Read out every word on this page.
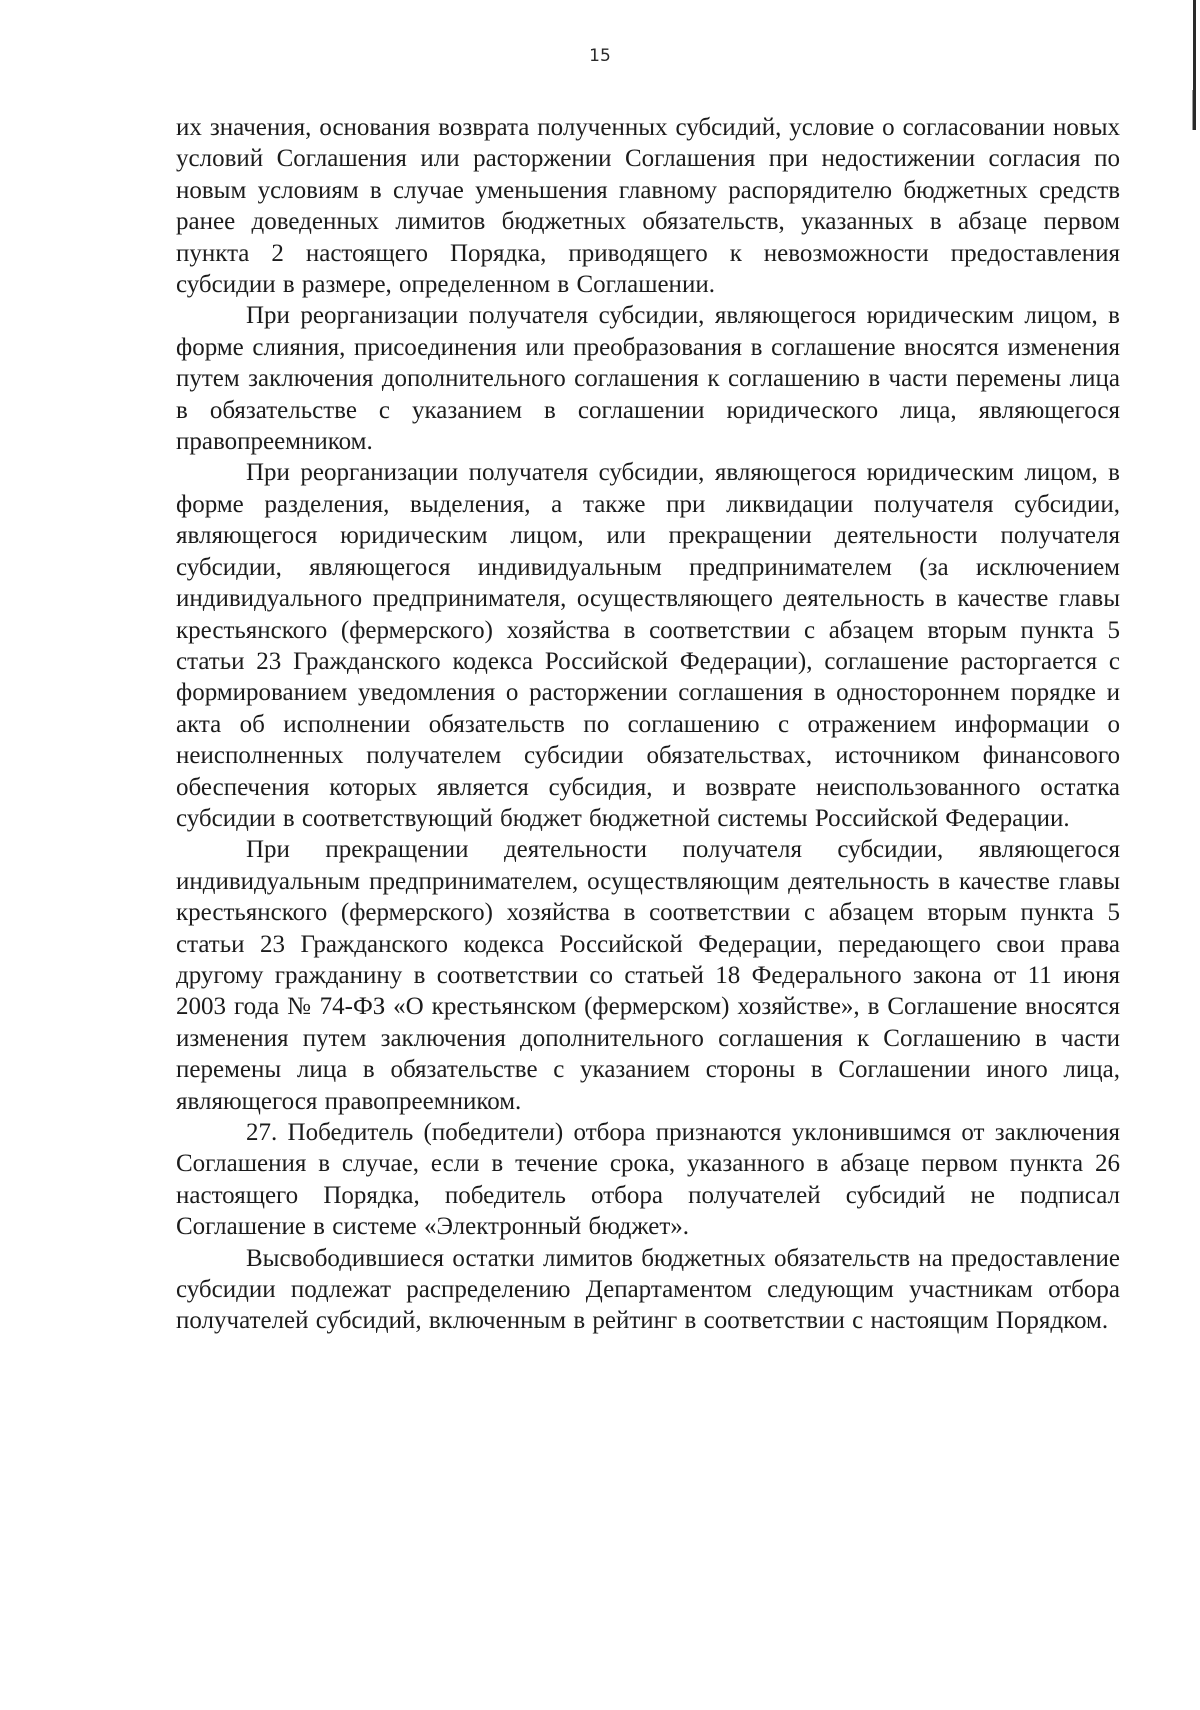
15

их значения, основания возврата полученных субсидий, условие о согласовании новых условий Соглашения или расторжении Соглашения при недостижении согласия по новым условиям в случае уменьшения главному распорядителю бюджетных средств ранее доведенных лимитов бюджетных обязательств, указанных в абзаце первом пункта 2 настоящего Порядка, приводящего к невозможности предоставления субсидии в размере, определенном в Соглашении.

При реорганизации получателя субсидии, являющегося юридическим лицом, в форме слияния, присоединения или преобразования в соглашение вносятся изменения путем заключения дополнительного соглашения к соглашению в части перемены лица в обязательстве с указанием в соглашении юридического лица, являющегося правопреемником.

При реорганизации получателя субсидии, являющегося юридическим лицом, в форме разделения, выделения, а также при ликвидации получателя субсидии, являющегося юридическим лицом, или прекращении деятельности получателя субсидии, являющегося индивидуальным предпринимателем (за исключением индивидуального предпринимателя, осуществляющего деятельность в качестве главы крестьянского (фермерского) хозяйства в соответствии с абзацем вторым пункта 5 статьи 23 Гражданского кодекса Российской Федерации), соглашение расторгается с формированием уведомления о расторжении соглашения в одностороннем порядке и акта об исполнении обязательств по соглашению с отражением информации о неисполненных получателем субсидии обязательствах, источником финансового обеспечения которых является субсидия, и возврате неиспользованного остатка субсидии в соответствующий бюджет бюджетной системы Российской Федерации.

При прекращении деятельности получателя субсидии, являющегося индивидуальным предпринимателем, осуществляющим деятельность в качестве главы крестьянского (фермерского) хозяйства в соответствии с абзацем вторым пункта 5 статьи 23 Гражданского кодекса Российской Федерации, передающего свои права другому гражданину в соответствии со статьей 18 Федерального закона от 11 июня 2003 года № 74-ФЗ «О крестьянском (фермерском) хозяйстве», в Соглашение вносятся изменения путем заключения дополнительного соглашения к Соглашению в части перемены лица в обязательстве с указанием стороны в Соглашении иного лица, являющегося правопреемником.

27. Победитель (победители) отбора признаются уклонившимся от заключения Соглашения в случае, если в течение срока, указанного в абзаце первом пункта 26 настоящего Порядка, победитель отбора получателей субсидий не подписал Соглашение в системе «Электронный бюджет».

Высвободившиеся остатки лимитов бюджетных обязательств на предоставление субсидии подлежат распределению Департаментом следующим участникам отбора получателей субсидий, включенным в рейтинг в соответствии с настоящим Порядком.
